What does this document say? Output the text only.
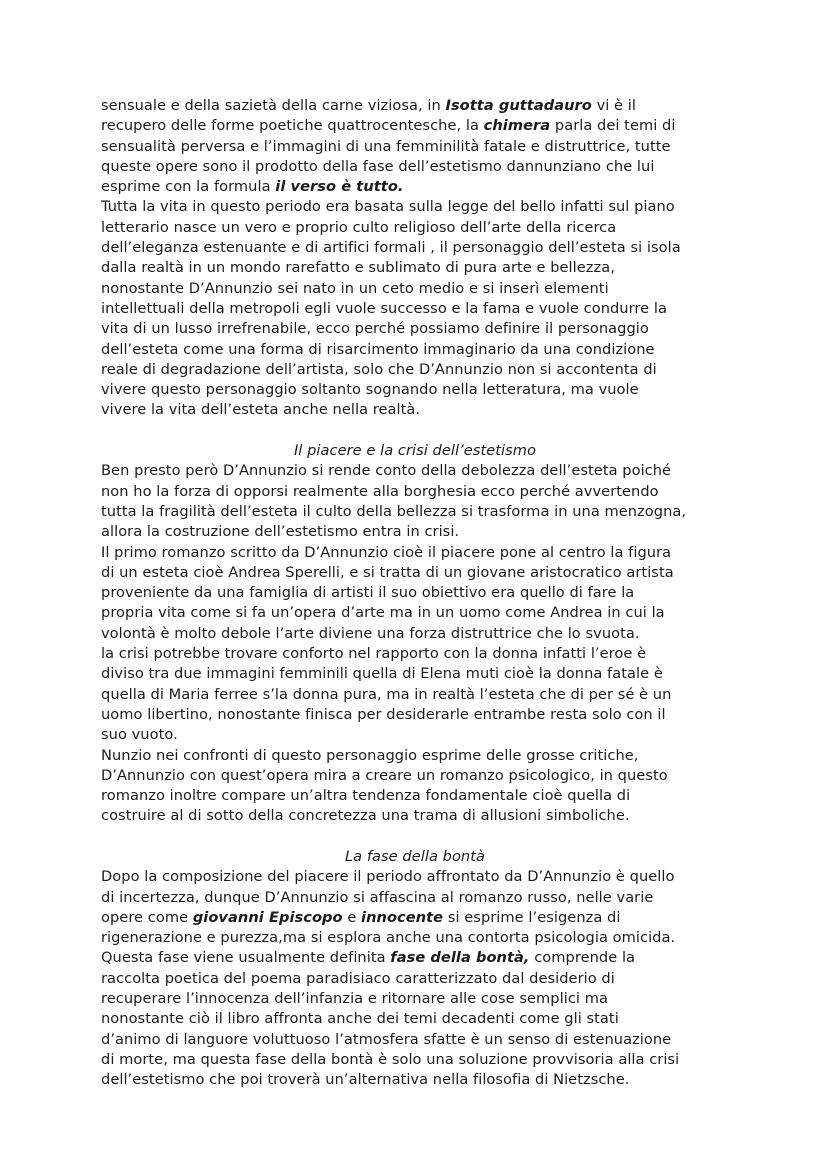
sensuale e della sazietà della carne viziosa, in Isotta guttadauro vi è il
recupero delle forme poetiche quattrocentesche, la chimera parla dei temi di
sensualità perversa e l’immagini di una femminilità fatale e distruttrice, tutte
queste opere sono il prodotto della fase dell’estetismo dannunziano che lui
esprime con la formula il verso è tutto.
Tutta la vita in questo periodo era basata sulla legge del bello infatti sul piano
letterario nasce un vero e proprio culto religioso dell’arte della ricerca
dell’eleganza estenuante e di artifici formali , il personaggio dell’esteta si isola
dalla realtà in un mondo rarefatto e sublimato di pura arte e bellezza,
nonostante D’Annunzio sei nato in un ceto medio e si inserì elementi
intellettuali della metropoli egli vuole successo e la fama e vuole condurre la
vita di un lusso irrefrenabile, ecco perché possiamo definire il personaggio
dell’esteta come una forma di risarcimento immaginario da una condizione
reale di degradazione dell’artista, solo che D’Annunzio non si accontenta di
vivere questo personaggio soltanto sognando nella letteratura, ma vuole
vivere la vita dell’esteta anche nella realtà.

Il piacere e la crisi dell’estetismo

Ben presto però D’Annunzio si rende conto della debolezza dell’esteta poiché
non ho la forza di opporsi realmente alla borghesia ecco perché avvertendo
tutta la fragilità dell’esteta il culto della bellezza si trasforma in una menzogna,
allora la costruzione dell’estetismo entra in crisi.
Il primo romanzo scritto da D’Annunzio cioè il piacere pone al centro la figura
di un esteta cioè Andrea Sperelli, e si tratta di un giovane aristocratico artista
proveniente da una famiglia di artisti il suo obiettivo era quello di fare la
propria vita come si fa un’opera d’arte ma in un uomo come Andrea in cui la
volontà è molto debole l’arte diviene una forza distruttrice che lo svuota.
la crisi potrebbe trovare conforto nel rapporto con la donna infatti l’eroe è
diviso tra due immagini femminili quella di Elena muti cioè la donna fatale è
quella di Maria ferree s’la donna pura, ma in realtà l’esteta che di per sé è un
uomo libertino, nonostante finisca per desiderarle entrambe resta solo con il
suo vuoto.
Nunzio nei confronti di questo personaggio esprime delle grosse critiche,
D’Annunzio con quest’opera mira a creare un romanzo psicologico, in questo
romanzo inoltre compare un’altra tendenza fondamentale cioè quella di
costruire al di sotto della concretezza una trama di allusioni simboliche.

La fase della bontà

Dopo la composizione del piacere il periodo affrontato da D’Annunzio è quello
di incertezza, dunque D’Annunzio si affascina al romanzo russo, nelle varie
opere come giovanni Episcopo e innocente si esprime l’esigenza di
rigenerazione e purezza,ma si esplora anche una contorta psicologia omicida.
Questa fase viene usualmente definita fase della bontà, comprende la
raccolta poetica del poema paradisiaco caratterizzato dal desiderio di
recuperare l’innocenza dell’infanzia e ritornare alle cose semplici ma
nonostante ciò il libro affronta anche dei temi decadenti come gli stati
d’animo di languore voluttuoso l’atmosfera sfatte è un senso di estenuazione
di morte, ma questa fase della bontà è solo una soluzione provvisoria alla crisi
dell’estetismo che poi troverà un’alternativa nella filosofia di Nietzsche.
